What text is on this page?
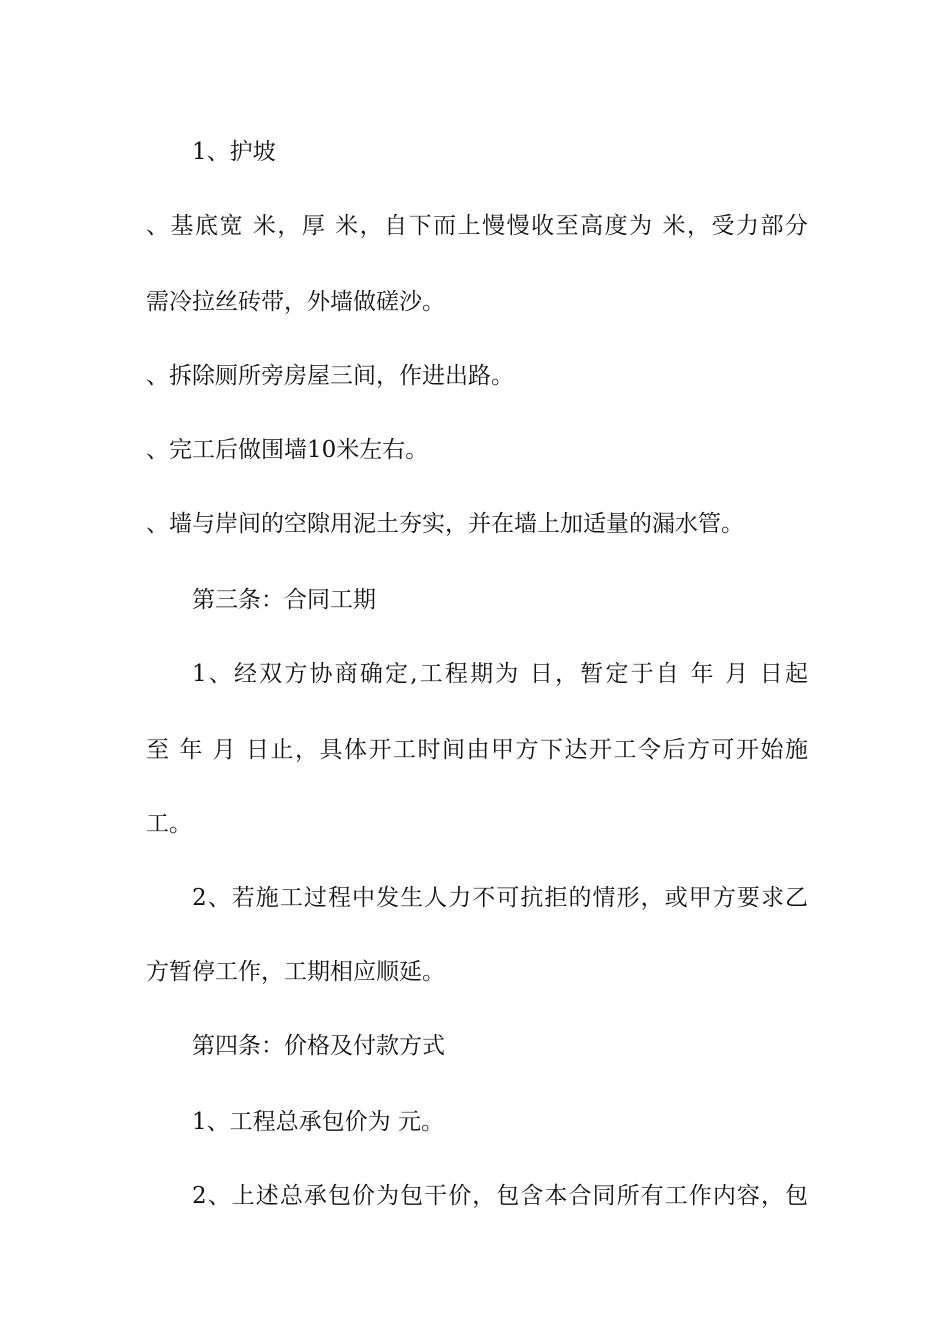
1、护坡
、基底宽 米，厚 米，自下而上慢慢收至高度为 米，受力部分
需冷拉丝砖带，外墙做磋沙。
、拆除厕所旁房屋三间，作进出路。
、完工后做围墙10米左右。
、墙与岸间的空隙用泥土夯实，并在墙上加适量的漏水管。
第三条：合同工期
1、经双方协商确定,工程期为 日，暂定于自 年 月 日起
至 年 月 日止，具体开工时间由甲方下达开工令后方可开始施
工。
2、若施工过程中发生人力不可抗拒的情形，或甲方要求乙
方暂停工作，工期相应顺延。
第四条：价格及付款方式
1、工程总承包价为 元。
2、上述总承包价为包干价，包含本合同所有工作内容，包
